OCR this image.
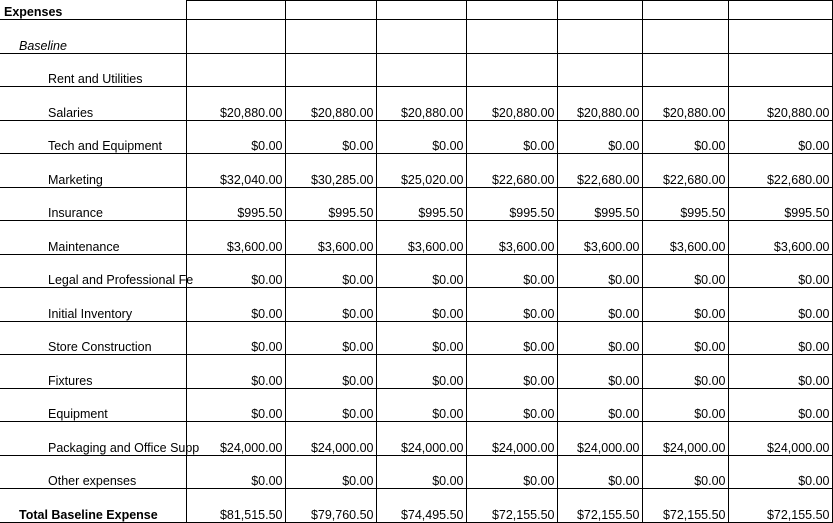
Expenses							
Baseline							
Rent and Utilities							
Salaries	$20,880.00	$20,880.00	$20,880.00	$20,880.00	$20,880.00	$20,880.00	$20,880.00
Tech and Equipment	$0.00	$0.00	$0.00	$0.00	$0.00	$0.00	$0.00
Marketing	$32,040.00	$30,285.00	$25,020.00	$22,680.00	$22,680.00	$22,680.00	$22,680.00
Insurance	$995.50	$995.50	$995.50	$995.50	$995.50	$995.50	$995.50
Maintenance	$3,600.00	$3,600.00	$3,600.00	$3,600.00	$3,600.00	$3,600.00	$3,600.00
Legal and Professional Fe	$0.00	$0.00	$0.00	$0.00	$0.00	$0.00	$0.00
Initial Inventory	$0.00	$0.00	$0.00	$0.00	$0.00	$0.00	$0.00
Store Construction	$0.00	$0.00	$0.00	$0.00	$0.00	$0.00	$0.00
Fixtures	$0.00	$0.00	$0.00	$0.00	$0.00	$0.00	$0.00
Equipment	$0.00	$0.00	$0.00	$0.00	$0.00	$0.00	$0.00
Packaging and Office Supp	$24,000.00	$24,000.00	$24,000.00	$24,000.00	$24,000.00	$24,000.00	$24,000.00
Other expenses	$0.00	$0.00	$0.00	$0.00	$0.00	$0.00	$0.00
Total Baseline Expense	$81,515.50	$79,760.50	$74,495.50	$72,155.50	$72,155.50	$72,155.50	$72,155.50
